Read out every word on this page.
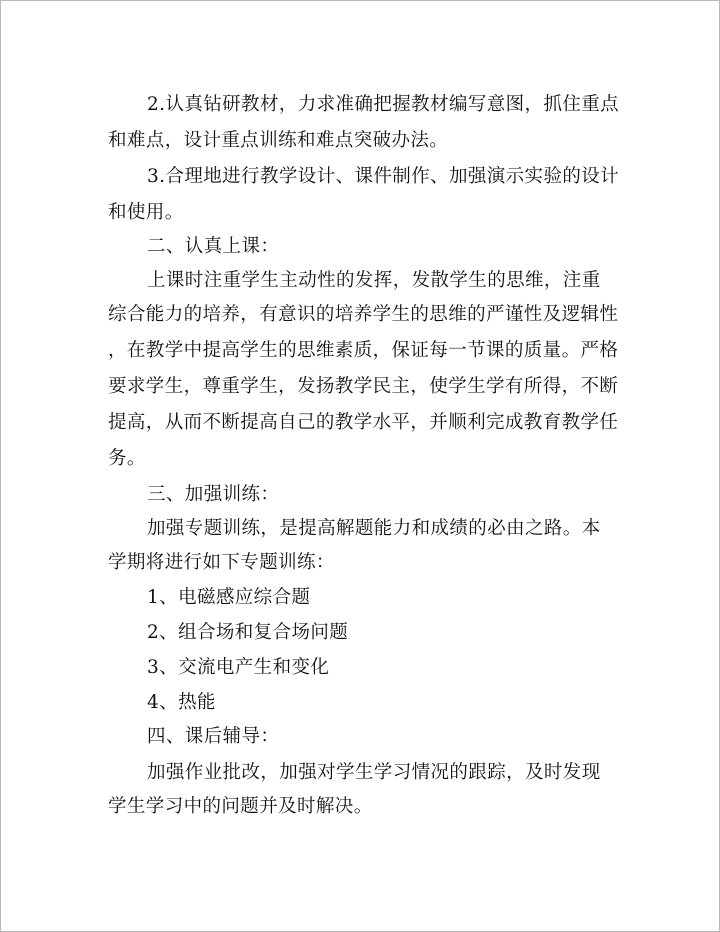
2.认真钻研教材，力求准确把握教材编写意图，抓住重点

和难点，设计重点训练和难点突破办法。

3.合理地进行教学设计、课件制作、加强演示实验的设计

和使用。

二、认真上课：

上课时注重学生主动性的发挥，发散学生的思维，注重

综合能力的培养，有意识的培养学生的思维的严谨性及逻辑性

，在教学中提高学生的思维素质，保证每一节课的质量。严格

要求学生，尊重学生，发扬教学民主，使学生学有所得，不断

提高，从而不断提高自己的教学水平，并顺利完成教育教学任

务。

三、加强训练：

加强专题训练，是提高解题能力和成绩的必由之路。本

学期将进行如下专题训练：

1、电磁感应综合题

2、组合场和复合场问题

3、交流电产生和变化

4、热能

四、课后辅导：

加强作业批改，加强对学生学习情况的跟踪，及时发现

学生学习中的问题并及时解决。
